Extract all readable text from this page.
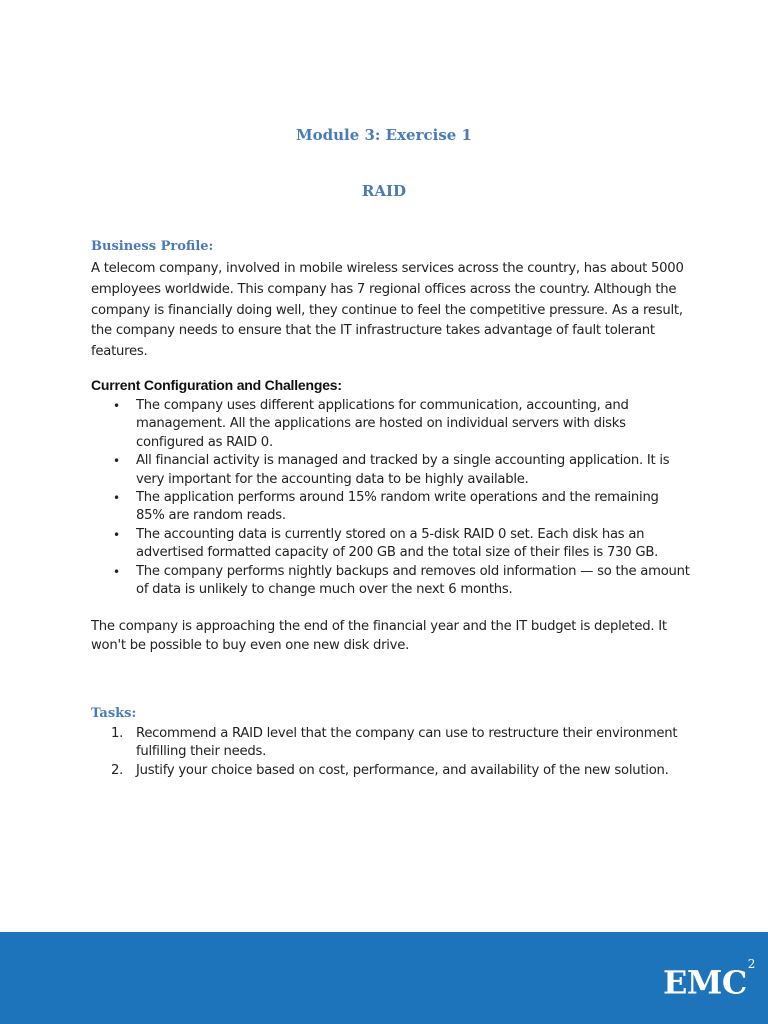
Module 3: Exercise 1
RAID
Business Profile:

A telecom company, involved in mobile wireless services across the country, has about 5000 employees worldwide. This company has 7 regional offices across the country. Although the company is financially doing well, they continue to feel the competitive pressure. As a result, the company needs to ensure that the IT infrastructure takes advantage of fault tolerant features.

Current Configuration and Challenges:
• The company uses different applications for communication, accounting, and management. All the applications are hosted on individual servers with disks configured as RAID 0.
• All financial activity is managed and tracked by a single accounting application. It is very important for the accounting data to be highly available.
• The application performs around 15% random write operations and the remaining 85% are random reads.
• The accounting data is currently stored on a 5-disk RAID 0 set. Each disk has an advertised formatted capacity of 200 GB and the total size of their files is 730 GB.
• The company performs nightly backups and removes old information — so the amount of data is unlikely to change much over the next 6 months.

The company is approaching the end of the financial year and the IT budget is depleted. It won't be possible to buy even one new disk drive.

Tasks:
1. Recommend a RAID level that the company can use to restructure their environment fulfilling their needs.
2. Justify your choice based on cost, performance, and availability of the new solution.
EMC$^2$
